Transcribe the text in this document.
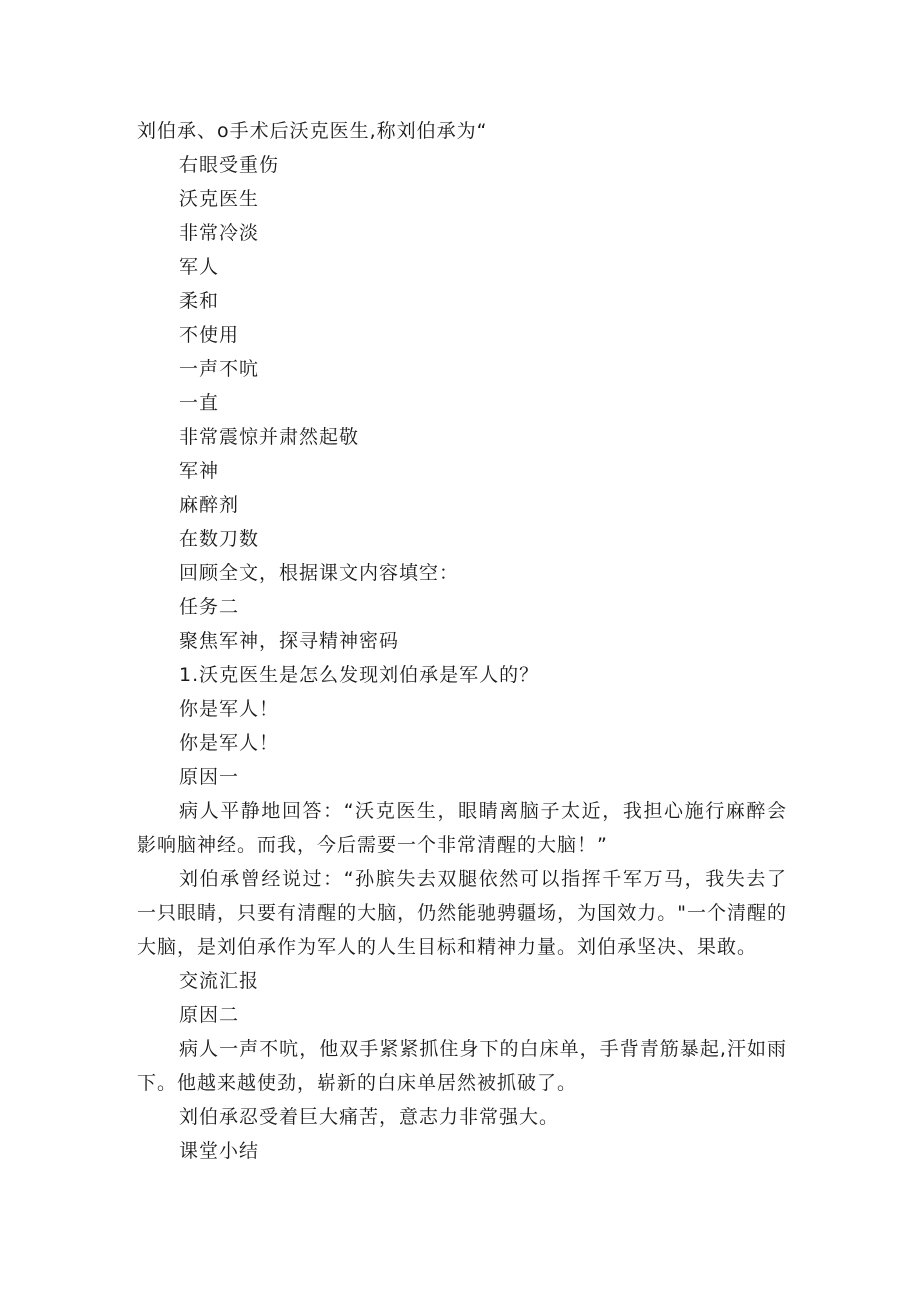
刘伯承、o手术后沃克医生,称刘伯承为“
右眼受重伤
沃克医生
非常冷淡
军人
柔和
不使用
一声不吭
一直
非常震惊并肃然起敬
军神
麻醉剂
在数刀数
回顾全文，根据课文内容填空：
任务二
聚焦军神，探寻精神密码
1.沃克医生是怎么发现刘伯承是军人的？
你是军人！
你是军人！
原因一
病人平静地回答：“沃克医生，眼睛离脑子太近，我担心施行麻醉会影响脑神经。而我，今后需要一个非常清醒的大脑！”
刘伯承曾经说过：“孙膑失去双腿依然可以指挥千军万马，我失去了一只眼睛，只要有清醒的大脑，仍然能驰骋疆场，为国效力。"一个清醒的大脑，是刘伯承作为军人的人生目标和精神力量。刘伯承坚决、果敢。
交流汇报
原因二
病人一声不吭，他双手紧紧抓住身下的白床单，手背青筋暴起,汗如雨下。他越来越使劲，崭新的白床单居然被抓破了。
刘伯承忍受着巨大痛苦，意志力非常强大。
课堂小结
